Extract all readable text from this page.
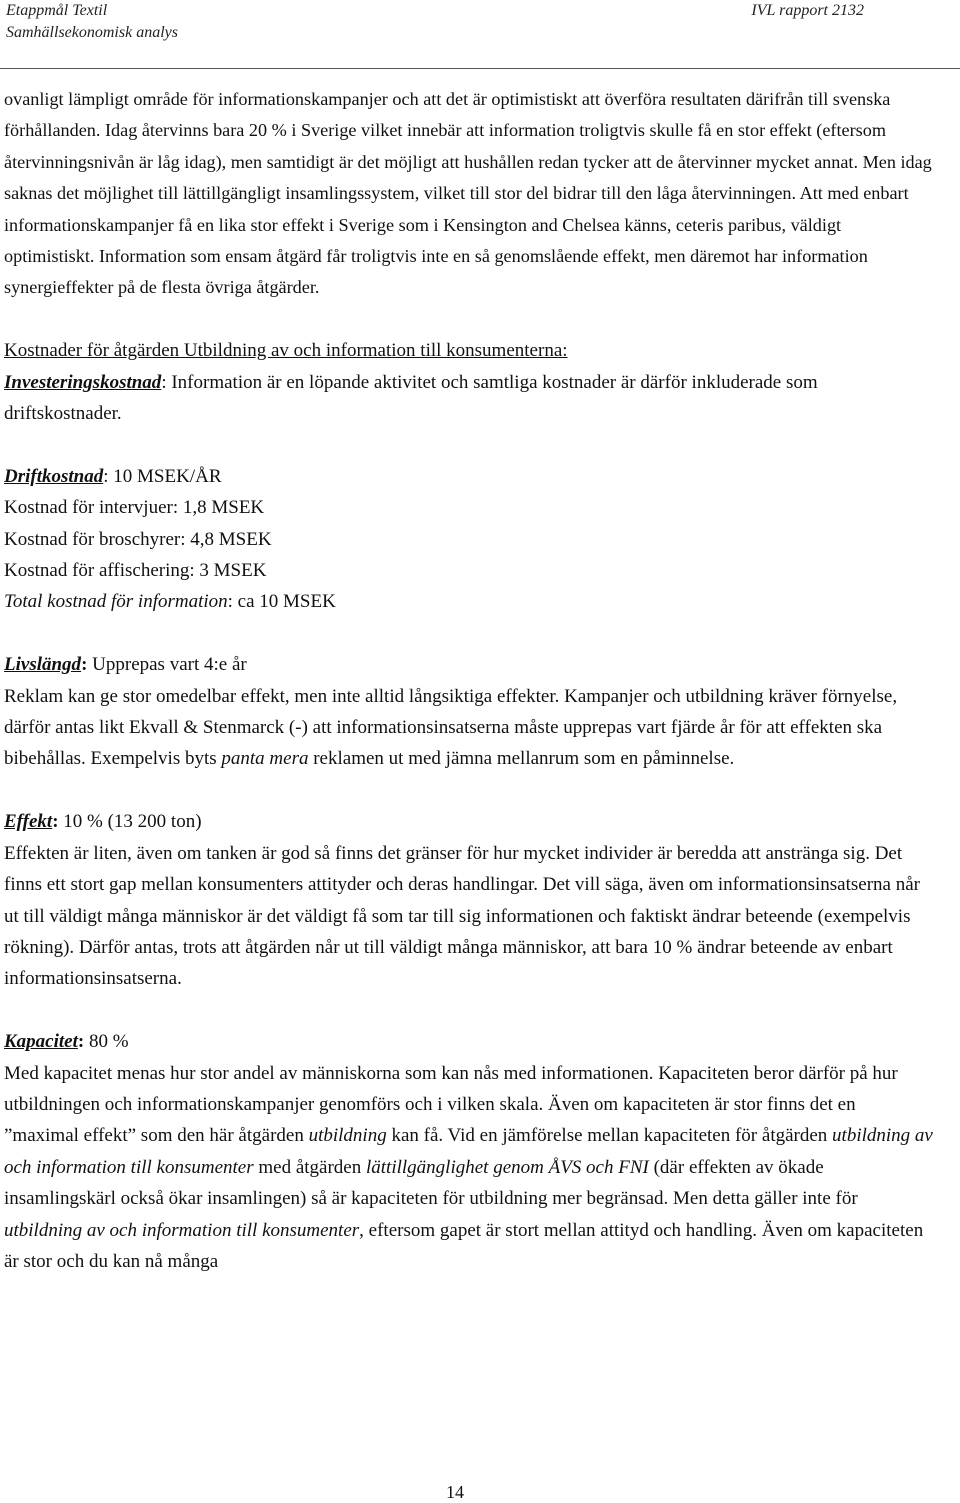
Etappmål Textil
Samhällsekonomisk analys
IVL rapport 2132

ovanligt lämpligt område för informationskampanjer och att det är optimistiskt att överföra resultaten därifrån till svenska förhållanden. Idag återvinns bara 20 % i Sverige vilket innebär att information troligtvis skulle få en stor effekt (eftersom återvinningsnivån är låg idag), men samtidigt är det möjligt att hushållen redan tycker att de återvinner mycket annat. Men idag saknas det möjlighet till lättillgängligt insamlingssystem, vilket till stor del bidrar till den låga återvinningen. Att med enbart informationskampanjer få en lika stor effekt i Sverige som i Kensington and Chelsea känns, ceteris paribus, väldigt optimistiskt. Information som ensam åtgärd får troligtvis inte en så genomslående effekt, men däremot har information synergieffekter på de flesta övriga åtgärder.

Kostnader för åtgärden Utbildning av och information till konsumenterna:

Investeringskostnad: Information är en löpande aktivitet och samtliga kostnader är därför inkluderade som driftskostnader.

Driftkostnad: 10 MSEK/ÅR

Kostnad för intervjuer: 1,8 MSEK

Kostnad för broschyrer: 4,8 MSEK

Kostnad för affischering: 3 MSEK

Total kostnad för information: ca 10 MSEK

Livslängd: Upprepas vart 4:e år

Reklam kan ge stor omedelbar effekt, men inte alltid långsiktiga effekter. Kampanjer och utbildning kräver förnyelse, därför antas likt Ekvall & Stenmarck (-) att informationsinsatserna måste upprepas vart fjärde år för att effekten ska bibehållas. Exempelvis byts panta mera reklamen ut med jämna mellanrum som en påminnelse.

Effekt: 10 % (13 200 ton)

Effekten är liten, även om tanken är god så finns det gränser för hur mycket individer är beredda att anstränga sig. Det finns ett stort gap mellan konsumenters attityder och deras handlingar. Det vill säga, även om informationsinsatserna når ut till väldigt många människor är det väldigt få som tar till sig informationen och faktiskt ändrar beteende (exempelvis rökning). Därför antas, trots att åtgärden når ut till väldigt många människor, att bara 10 % ändrar beteende av enbart informationsinsatserna.

Kapacitet: 80 %

Med kapacitet menas hur stor andel av människorna som kan nås med informationen. Kapaciteten beror därför på hur utbildningen och informationskampanjer genomförs och i vilken skala. Även om kapaciteten är stor finns det en ”maximal effekt” som den här åtgärden utbildning kan få. Vid en jämförelse mellan kapaciteten för åtgärden utbildning av och information till konsumenter med åtgärden lättillgänglighet genom ÅVS och FNI (där effekten av ökade insamlingskärl också ökar insamlingen) så är kapaciteten för utbildning mer begränsad. Men detta gäller inte för utbildning av och information till konsumenter, eftersom gapet är stort mellan attityd och handling. Även om kapaciteten är stor och du kan nå många

14
